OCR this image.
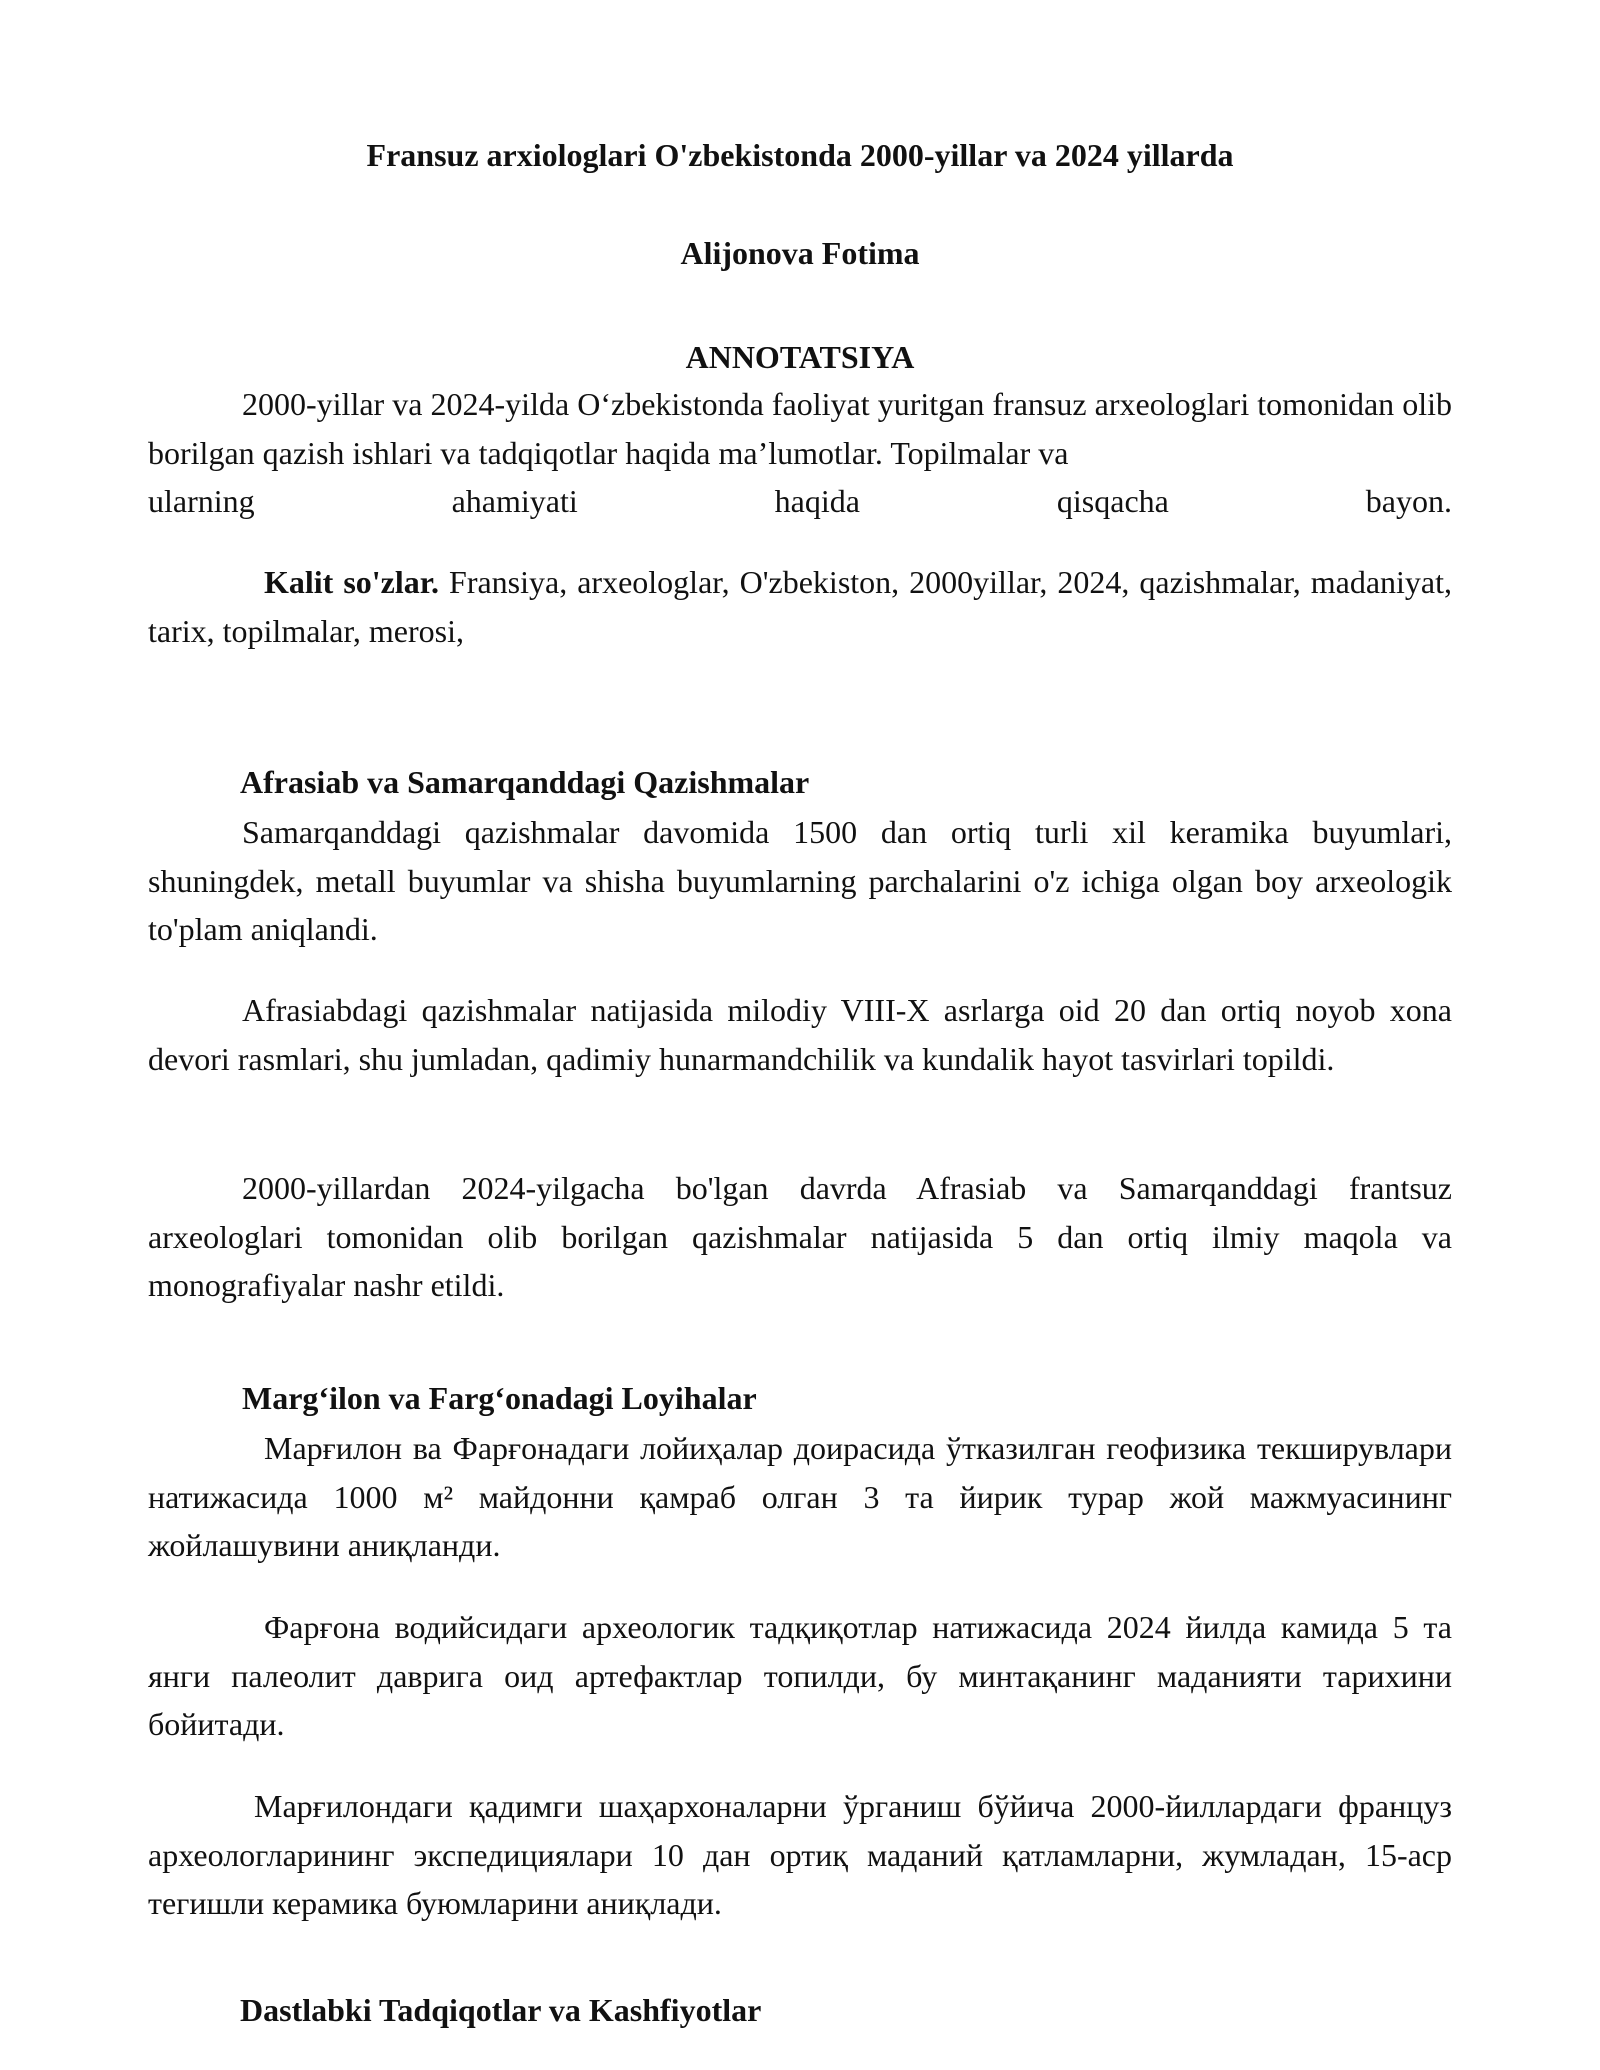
Fransuz arxiologlari O'zbekistonda 2000-yillar va 2024 yillarda
Alijonova Fotima
ANNOTATSIYA

2000-yillar va 2024-yilda O‘zbekistonda faoliyat yuritgan fransuz arxeologlari tomonidan olib borilgan qazish ishlari va tadqiqotlar haqida ma’lumotlar. Topilmalar va

ularning ahamiyati haqida qisqacha bayon.

Kalit so'zlar. Fransiya, arxeologlar, O'zbekiston, 2000yillar, 2024, qazishmalar, madaniyat, tarix, topilmalar, merosi,

Afrasiab va Samarqanddagi Qazishmalar

Samarqanddagi qazishmalar davomida 1500 dan ortiq turli xil keramika buyumlari, shuningdek, metall buyumlar va shisha buyumlarning parchalarini o'z ichiga olgan boy arxeologik to'plam aniqlandi.

Afrasiabdagi qazishmalar natijasida milodiy VIII-X asrlarga oid 20 dan ortiq noyob xona devori rasmlari, shu jumladan, qadimiy hunarmandchilik va kundalik hayot tasvirlari topildi.

2000-yillardan 2024-yilgacha bo'lgan davrda Afrasiab va Samarqanddagi frantsuz arxeologlari tomonidan olib borilgan qazishmalar natijasida 5 dan ortiq ilmiy maqola va monografiyalar nashr etildi.

Marg‘ilon va Farg‘onadagi Loyihalar

Марғилон ва Фарғонадаги лойиҳалар доирасида ўтказилган геофизика текширувлари натижасида 1000 м² майдонни қамраб олган 3 та йирик турар жой мажмуасининг жойлашувини аниқланди.

Фарғона водийсидаги археологик тадқиқотлар натижасида 2024 йилда камида 5 та янги палеолит даврига оид артефактлар топилди, бу минтақанинг маданияти тарихини бойитади.

Марғилондаги қадимги шаҳархоналарни ўрганиш бўйича 2000-йиллардаги француз археологларининг экспедициялари 10 дан ортиқ маданий қатламларни, жумладан, 15-аср тегишли керамика буюмларини аниқлади.

Dastlabki Tadqiqotlar va Kashfiyotlar
